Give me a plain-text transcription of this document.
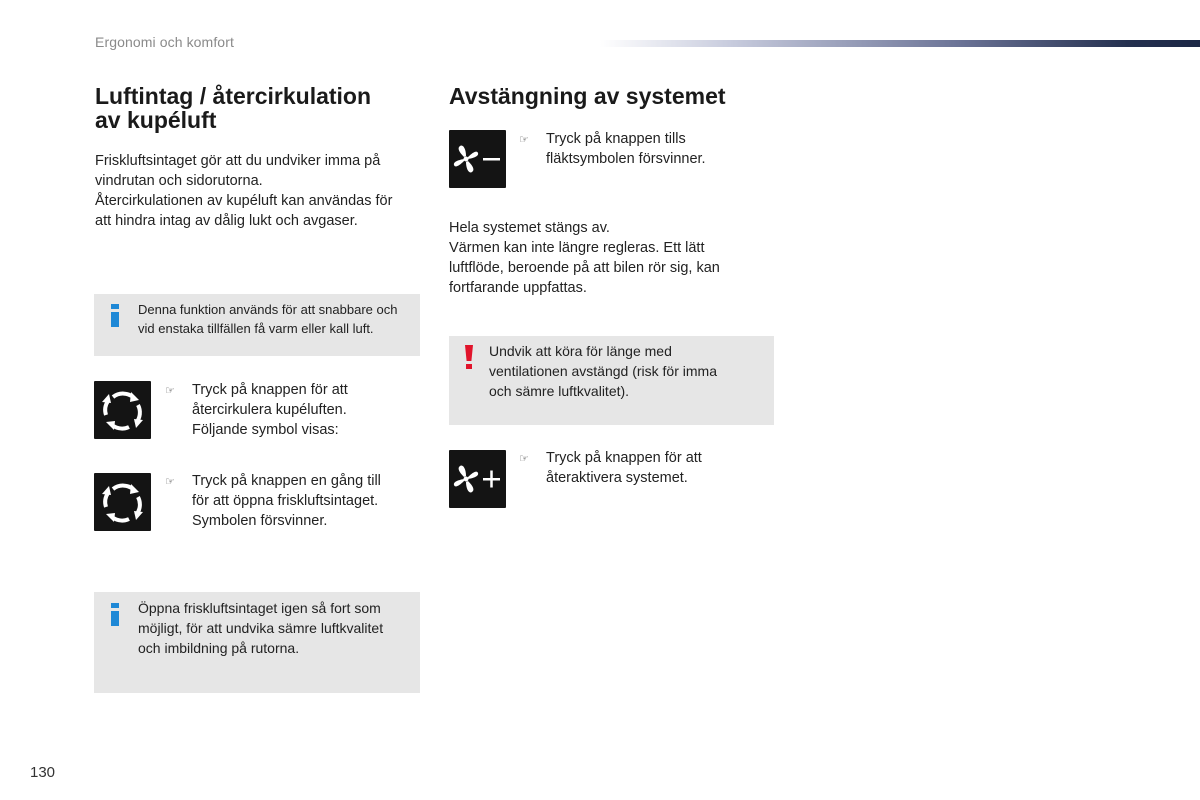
Ergonomi och komfort
Luftintag / återcirkulation
av kupéluft

Friskluftsintaget gör att du undviker imma på
vindrutan och sidorutorna.
Återcirkulationen av kupéluft kan användas för
att hindra intag av dålig lukt och avgaser.

Denna funktion används för att snabbare och
vid enstaka tillfällen få varm eller kall luft.

☞ Tryck på knappen för att
återcirkulera kupéluften.
Följande symbol visas:
☞ Tryck på knappen en gång till
för att öppna friskluftsintaget.
Symbolen försvinner.

Öppna friskluftsintaget igen så fort som
möjligt, för att undvika sämre luftkvalitet
och imbildning på rutorna.

Avstängning av systemet
☞ Tryck på knappen tills
fläktsymbolen försvinner.

Hela systemet stängs av.
Värmen kan inte längre regleras. Ett lätt
luftflöde, beroende på att bilen rör sig, kan
fortfarande uppfattas.

Undvik att köra för länge med
ventilationen avstängd (risk för imma
och sämre luftkvalitet).

☞ Tryck på knappen för att
återaktivera systemet.
130
